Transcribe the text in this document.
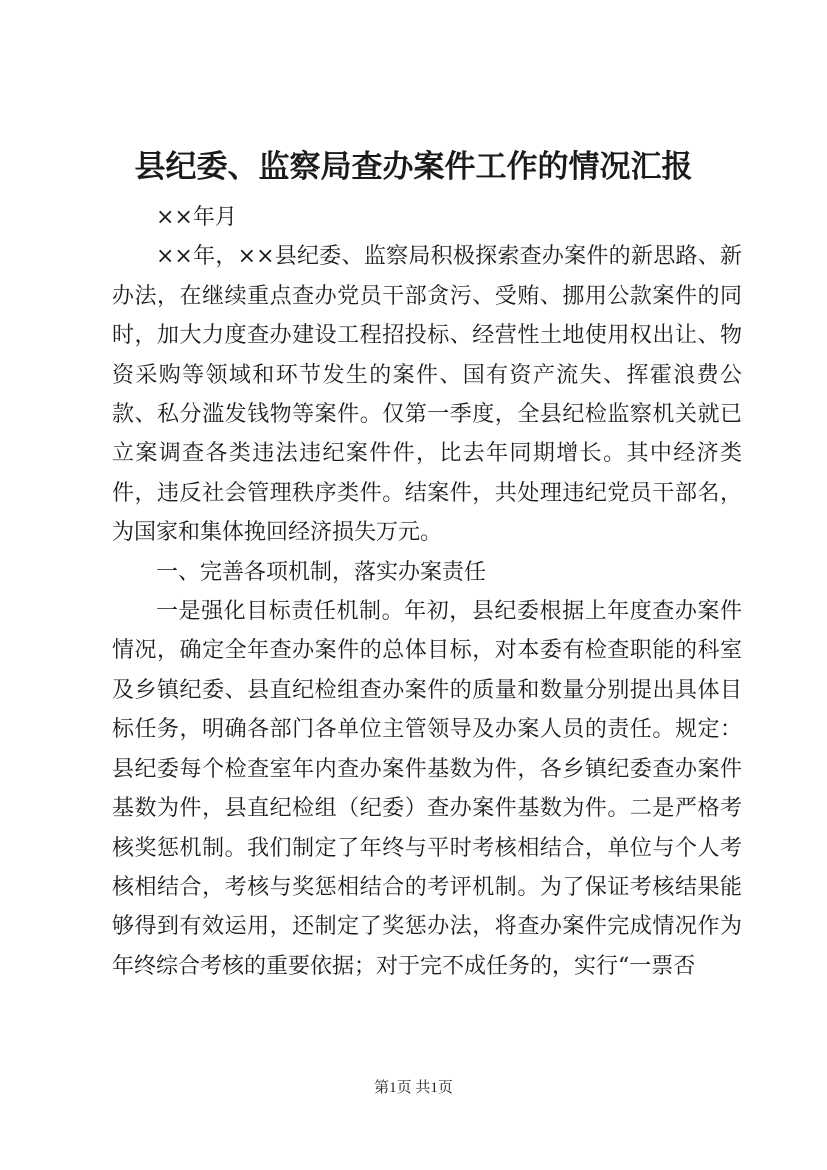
县纪委、监察局查办案件工作的情况汇报

××年月

××年，××县纪委、监察局积极探索查办案件的新思路、新办法，在继续重点查办党员干部贪污、受贿、挪用公款案件的同时，加大力度查办建设工程招投标、经营性土地使用权出让、物资采购等领域和环节发生的案件、国有资产流失、挥霍浪费公款、私分滥发钱物等案件。仅第一季度，全县纪检监察机关就已立案调查各类违法违纪案件件，比去年同期增长。其中经济类件，违反社会管理秩序类件。结案件，共处理违纪党员干部名，为国家和集体挽回经济损失万元。

一、完善各项机制，落实办案责任

一是强化目标责任机制。年初，县纪委根据上年度查办案件情况，确定全年查办案件的总体目标，对本委有检查职能的科室及乡镇纪委、县直纪检组查办案件的质量和数量分别提出具体目标任务，明确各部门各单位主管领导及办案人员的责任。规定：县纪委每个检查室年内查办案件基数为件，各乡镇纪委查办案件基数为件，县直纪检组（纪委）查办案件基数为件。二是严格考核奖惩机制。我们制定了年终与平时考核相结合，单位与个人考核相结合，考核与奖惩相结合的考评机制。为了保证考核结果能够得到有效运用，还制定了奖惩办法，将查办案件完成情况作为年终综合考核的重要依据；对于完不成任务的，实行“一票否

第1页 共1页
